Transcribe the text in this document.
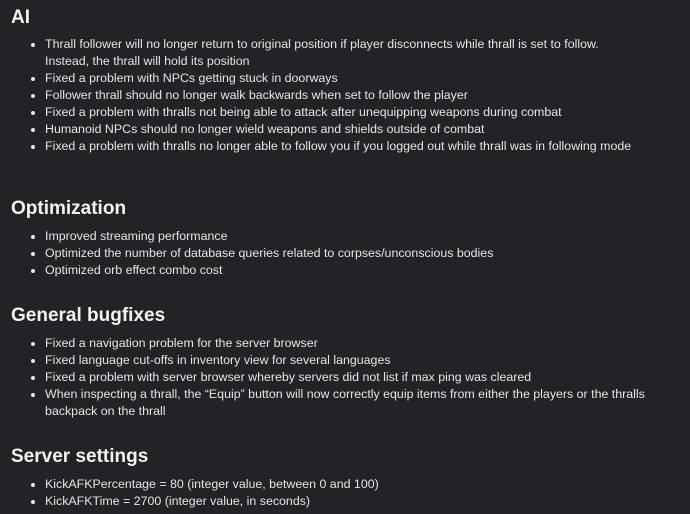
AI
Thrall follower will no longer return to original position if player disconnects while thrall is set to follow. Instead, the thrall will hold its position
Fixed a problem with NPCs getting stuck in doorways
Follower thrall should no longer walk backwards when set to follow the player
Fixed a problem with thralls not being able to attack after unequipping weapons during combat
Humanoid NPCs should no longer wield weapons and shields outside of combat
Fixed a problem with thralls no longer able to follow you if you logged out while thrall was in following mode
Optimization
Improved streaming performance
Optimized the number of database queries related to corpses/unconscious bodies
Optimized orb effect combo cost
General bugfixes
Fixed a navigation problem for the server browser
Fixed language cut-offs in inventory view for several languages
Fixed a problem with server browser whereby servers did not list if max ping was cleared
When inspecting a thrall, the “Equip” button will now correctly equip items from either the players or the thralls backpack on the thrall
Server settings
KickAFKPercentage = 80 (integer value, between 0 and 100)
KickAFKTime = 2700 (integer value, in seconds)
